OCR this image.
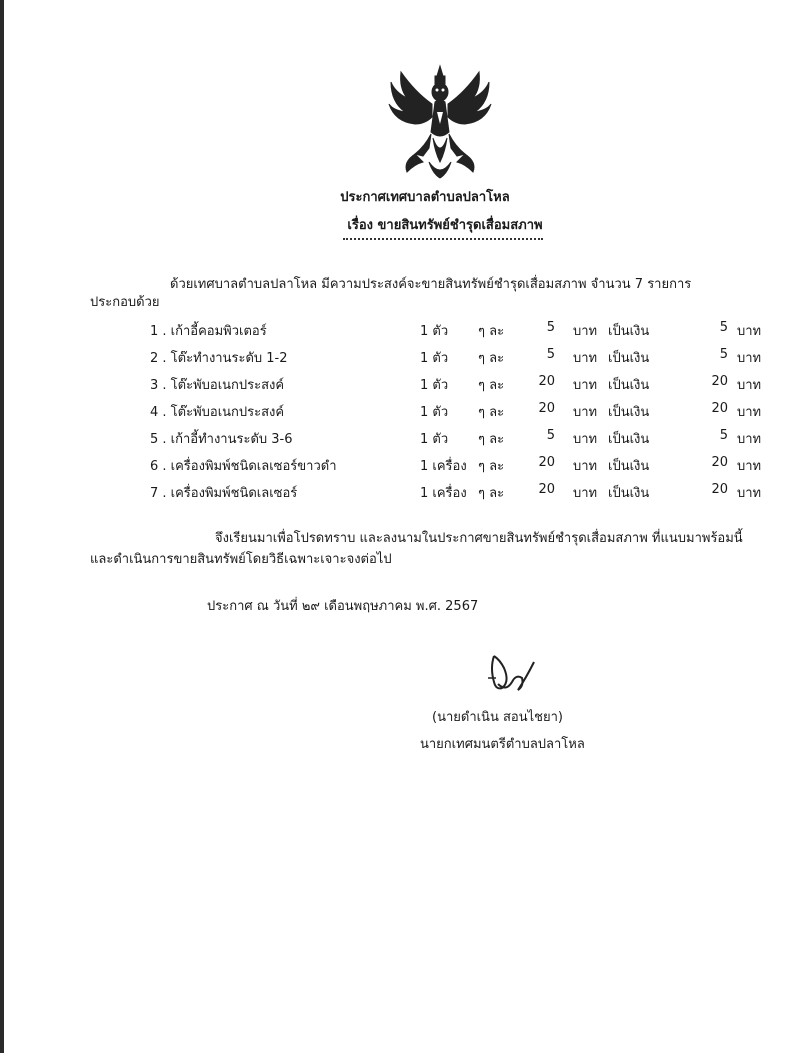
ประกาศเทศบาลตำบลปลาโหล
เรื่อง ขายสินทรัพย์ชำรุดเสื่อมสภาพ
ด้วยเทศบาลตำบลปลาโหล มีความประสงค์จะขายสินทรัพย์ชำรุดเสื่อมสภาพ จำนวน 7 รายการ
ประกอบด้วย
1 . เก้าอี้คอมพิวเตอร์	1 ตัว ๆ ละ	5 บาท เป็นเงิน	5 บาท
2 . โต๊ะทำงานระดับ 1-2	1 ตัว ๆ ละ	5 บาท เป็นเงิน	5 บาท
3 . โต๊ะพับอเนกประสงค์	1 ตัว ๆ ละ	20 บาท เป็นเงิน	20 บาท
4 . โต๊ะพับอเนกประสงค์	1 ตัว ๆ ละ	20 บาท เป็นเงิน	20 บาท
5 . เก้าอี้ทำงานระดับ 3-6	1 ตัว ๆ ละ	5 บาท เป็นเงิน	5 บาท
6 . เครื่องพิมพ์ชนิดเลเซอร์ขาวดำ	1 เครื่อง ๆ ละ	20 บาท เป็นเงิน	20 บาท
7 . เครื่องพิมพ์ชนิดเลเซอร์	1 เครื่อง ๆ ละ	20 บาท เป็นเงิน	20 บาท
จึงเรียนมาเพื่อโปรดทราบ และลงนามในประกาศขายสินทรัพย์ชำรุดเสื่อมสภาพ ที่แนบมาพร้อมนี้
และดำเนินการขายสินทรัพย์โดยวิธีเฉพาะเจาะจงต่อไป
ประกาศ ณ วันที่ ๒๙ เดือนพฤษภาคม พ.ศ. 2567
(นายดำเนิน สอนไชยา)
นายกเทศมนตรีตำบลปลาโหล
